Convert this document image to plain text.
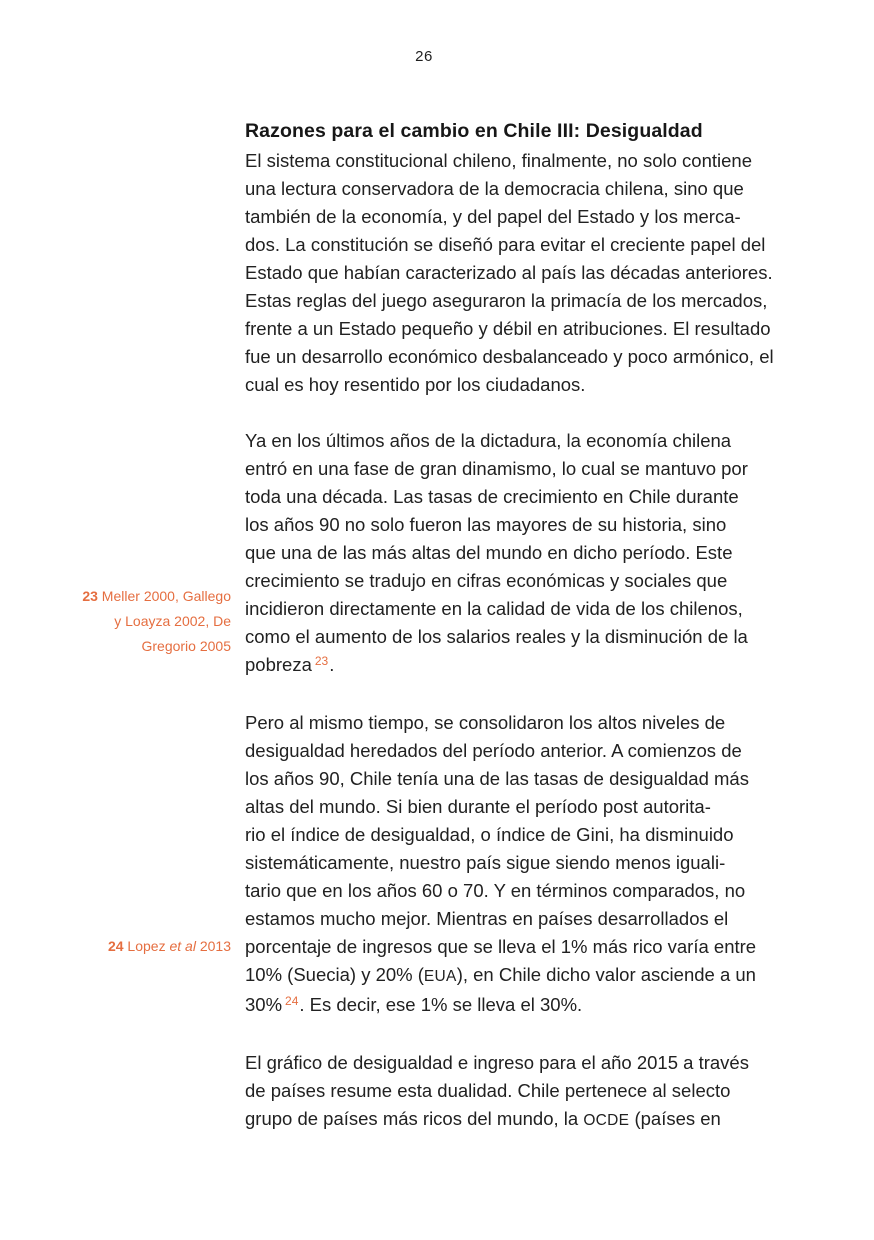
26
23 Meller 2000, Gallego
y Loayza 2002, De
Gregorio 2005
24 Lopez et al 2013
Razones para el cambio en Chile III: Desigualdad
El sistema constitucional chileno, finalmente, no solo contiene
una lectura conservadora de la democracia chilena, sino que
también de la economía, y del papel del Estado y los merca-
dos. La constitución se diseñó para evitar el creciente papel del
Estado que habían caracterizado al país las décadas anteriores.
Estas reglas del juego aseguraron la primacía de los mercados,
frente a un Estado pequeño y débil en atribuciones. El resultado
fue un desarrollo económico desbalanceado y poco armónico, el
cual es hoy resentido por los ciudadanos.
Ya en los últimos años de la dictadura, la economía chilena
entró en una fase de gran dinamismo, lo cual se mantuvo por
toda una década. Las tasas de crecimiento en Chile durante
los años 90 no solo fueron las mayores de su historia, sino
que una de las más altas del mundo en dicho período. Este
crecimiento se tradujo en cifras económicas y sociales que
incidieron directamente en la calidad de vida de los chilenos,
como el aumento de los salarios reales y la disminución de la
pobreza $^{23}$.
Pero al mismo tiempo, se consolidaron los altos niveles de
desigualdad heredados del período anterior. A comienzos de
los años 90, Chile tenía una de las tasas de desigualdad más
altas del mundo. Si bien durante el período post autorita-
rio el índice de desigualdad, o índice de Gini, ha disminuido
sistemáticamente, nuestro país sigue siendo menos iguali-
tario que en los años 60 o 70. Y en términos comparados, no
estamos mucho mejor. Mientras en países desarrollados el
porcentaje de ingresos que se lleva el 1% más rico varía entre
10% (Suecia) y 20% (EUA), en Chile dicho valor asciende a un
30% $^{24}$. Es decir, ese 1% se lleva el 30%.
El gráfico de desigualdad e ingreso para el año 2015 a través
de países resume esta dualidad. Chile pertenece al selecto
grupo de países más ricos del mundo, la OCDE (países en
